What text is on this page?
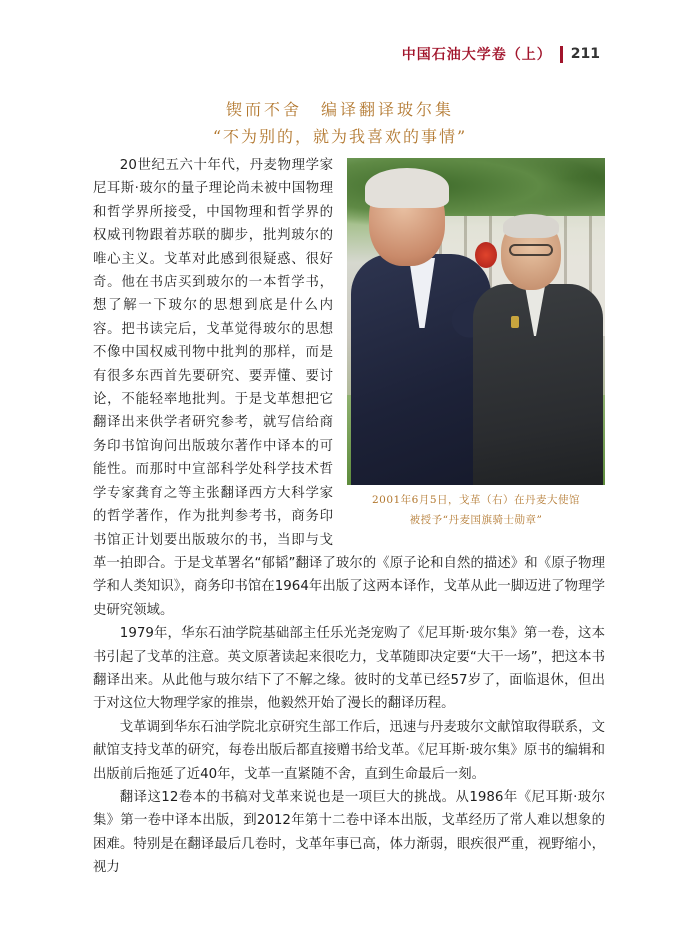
中国石油大学卷（上） 211
锲而不舍　编译翻译玻尔集
“不为别的，就为我喜欢的事情”
2001年6月5日，戈革（右）在丹麦大使馆
被授予“丹麦国旗骑士勋章”

20世纪五六十年代，丹麦物理学家尼耳斯·玻尔的量子理论尚未被中国物理和哲学界所接受，中国物理和哲学界的权威刊物跟着苏联的脚步，批判玻尔的唯心主义。戈革对此感到很疑惑、很好奇。他在书店买到玻尔的一本哲学书，想了解一下玻尔的思想到底是什么内容。把书读完后，戈革觉得玻尔的思想不像中国权威刊物中批判的那样，而是有很多东西首先要研究、要弄懂、要讨论，不能轻率地批判。于是戈革想把它翻译出来供学者研究参考，就写信给商务印书馆询问出版玻尔著作中译本的可能性。而那时中宣部科学处科学技术哲学专家龚育之等主张翻译西方大科学家的哲学著作，作为批判参考书，商务印书馆正计划要出版玻尔的书，当即与戈革一拍即合。于是戈革署名“郁韬”翻译了玻尔的《原子论和自然的描述》和《原子物理学和人类知识》，商务印书馆在1964年出版了这两本译作，戈革从此一脚迈进了物理学史研究领域。

1979年，华东石油学院基础部主任乐光尧宠购了《尼耳斯·玻尔集》第一卷，这本书引起了戈革的注意。英文原著读起来很吃力，戈革随即决定要“大干一场”，把这本书翻译出来。从此他与玻尔结下了不解之缘。彼时的戈革已经57岁了，面临退休，但出于对这位大物理学家的推崇，他毅然开始了漫长的翻译历程。

戈革调到华东石油学院北京研究生部工作后，迅速与丹麦玻尔文献馆取得联系，文献馆支持戈革的研究，每卷出版后都直接赠书给戈革。《尼耳斯·玻尔集》原书的编辑和出版前后拖延了近40年，戈革一直紧随不舍，直到生命最后一刻。

翻译这12卷本的书稿对戈革来说也是一项巨大的挑战。从1986年《尼耳斯·玻尔集》第一卷中译本出版，到2012年第十二卷中译本出版，戈革经历了常人难以想象的困难。特别是在翻译最后几卷时，戈革年事已高，体力渐弱，眼疾很严重，视野缩小，视力
